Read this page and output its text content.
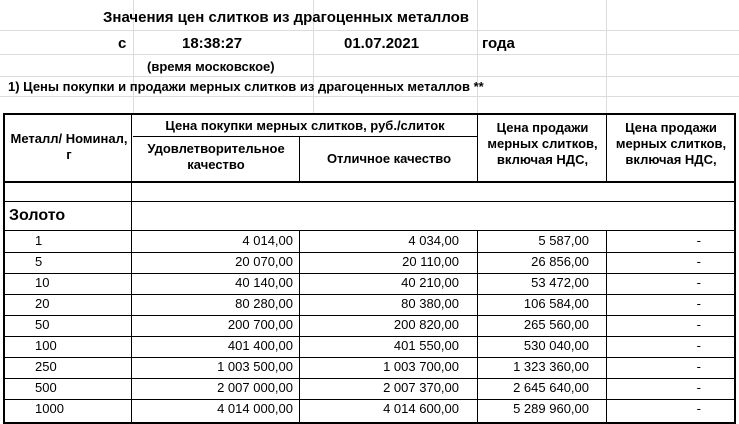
Значения цен слитков из драгоценных металлов
с	18:38:27	01.07.2021	года
(время московское)
1) Цены покупки и продажи мерных слитков из драгоценных металлов **
Металл/ Номинал, г
Цена покупки мерных слитков, руб./слиток
Удовлетворительное качество	Отличное качество
Цена продажи мерных слитков, включая НДС,
Цена продажи мерных слитков, включая НДС,
Золото
1	4 014,00	4 034,00	5 587,00	-
5	20 070,00	20 110,00	26 856,00	-
10	40 140,00	40 210,00	53 472,00	-
20	80 280,00	80 380,00	106 584,00	-
50	200 700,00	200 820,00	265 560,00	-
100	401 400,00	401 550,00	530 040,00	-
250	1 003 500,00	1 003 700,00	1 323 360,00	-
500	2 007 000,00	2 007 370,00	2 645 640,00	-
1000	4 014 000,00	4 014 600,00	5 289 960,00	-
